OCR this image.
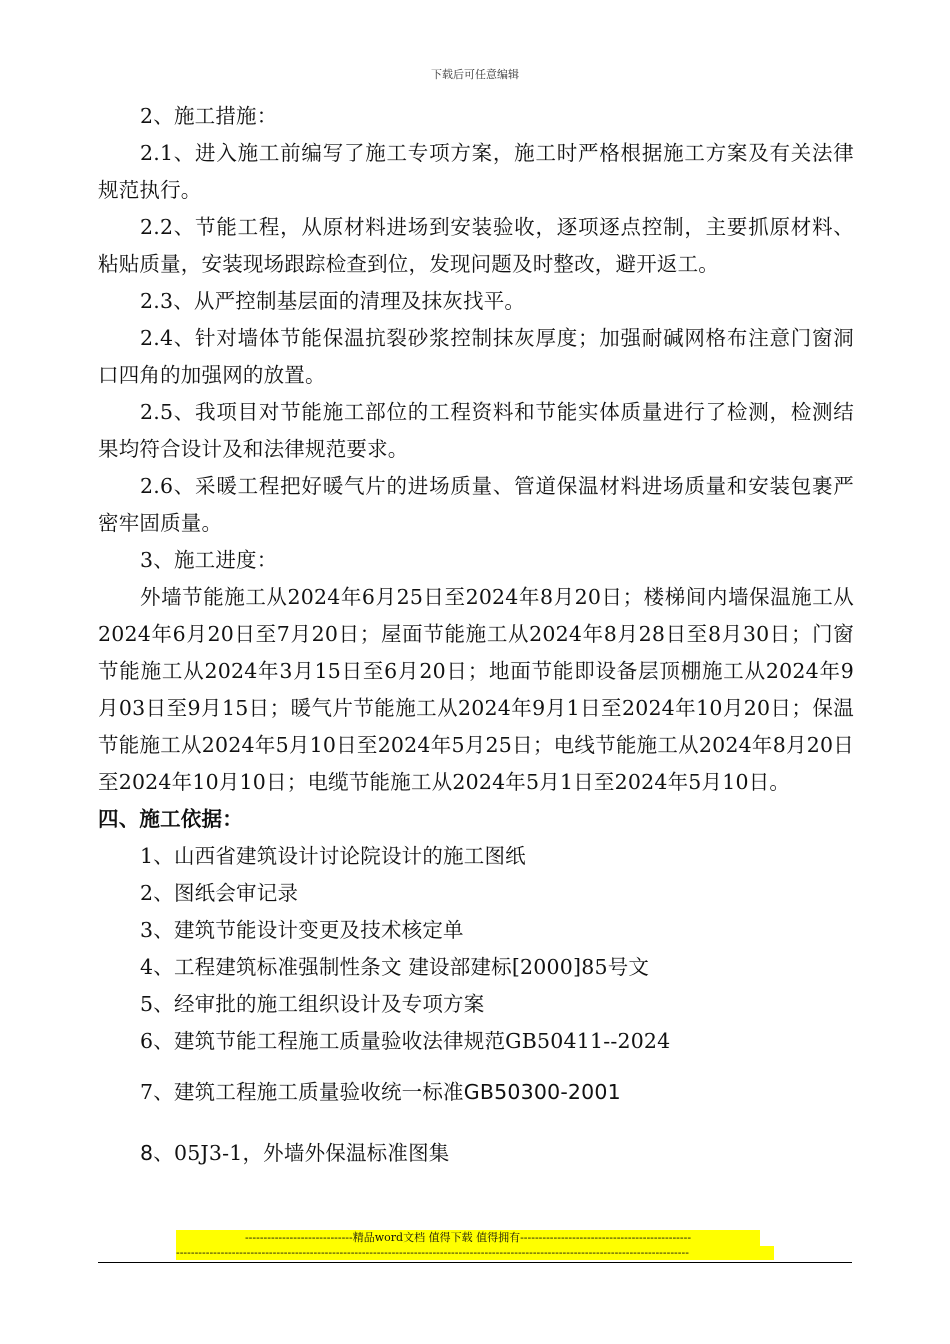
下载后可任意编辑

2、施工措施：

2.1、进入施工前编写了施工专项方案，施工时严格根据施工方案及有关法律规范执行。

2.2、节能工程，从原材料进场到安装验收，逐项逐点控制，主要抓原材料、粘贴质量，安装现场跟踪检查到位，发现问题及时整改，避开返工。

2.3、从严控制基层面的清理及抹灰找平。

2.4、针对墙体节能保温抗裂砂浆控制抹灰厚度；加强耐碱网格布注意门窗洞口四角的加强网的放置。

2.5、我项目对节能施工部位的工程资料和节能实体质量进行了检测，检测结果均符合设计及和法律规范要求。

2.6、采暖工程把好暖气片的进场质量、管道保温材料进场质量和安装包裹严密牢固质量。

3、施工进度：

外墙节能施工从2024年6月25日至2024年8月20日；楼梯间内墙保温施工从2024年6月20日至7月20日；屋面节能施工从2024年8月28日至8月30日；门窗节能施工从2024年3月15日至6月20日；地面节能即设备层顶棚施工从2024年9月03日至9月15日；暖气片节能施工从2024年9月1日至2024年10月20日；保温节能施工从2024年5月10日至2024年5月25日；电线节能施工从2024年8月20日至2024年10月10日；电缆节能施工从2024年5月1日至2024年5月10日。

四、施工依据：

1、山西省建筑设计讨论院设计的施工图纸

2、图纸会审记录

3、建筑节能设计变更及技术核定单

4、工程建筑标准强制性条文 建设部建标[2000]85号文

5、经审批的施工组织设计及专项方案

6、建筑节能工程施工质量验收法律规范GB50411--2024

7、建筑工程施工质量验收统一标准GB50300-2001

8、05J3-1，外墙外保温标准图集

-----------------------------精品word文档 值得下载 值得拥有----------------------------------------------
------------------------------------------------------------------------------------------------------------------------------------------
